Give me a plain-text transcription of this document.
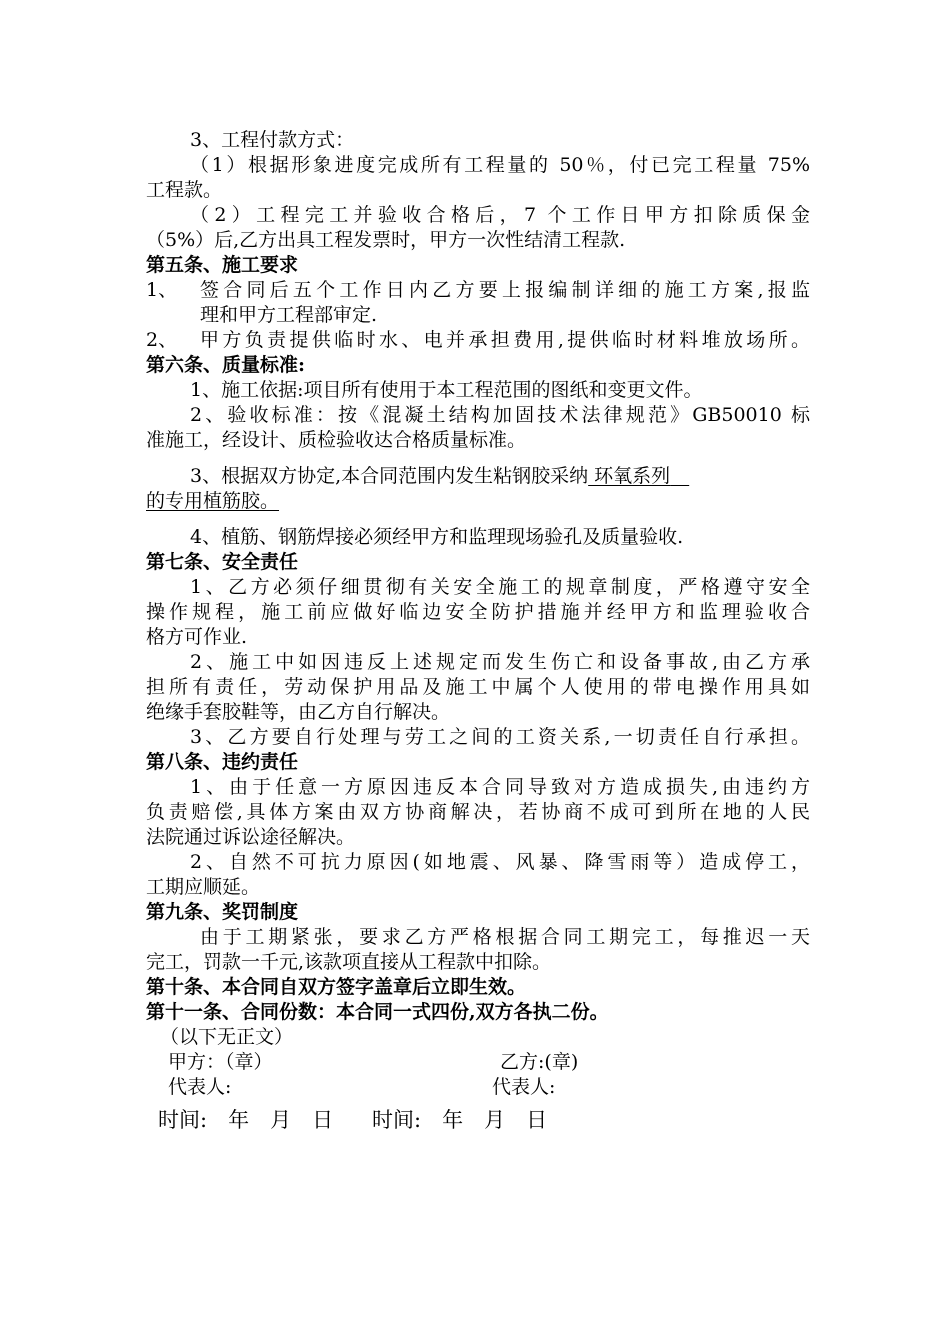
3、工程付款方式：
（1）根据形象进度完成所有工程量的 50％，付已完工程量 75%
工程款。
（2）工程完工并验收合格后，7 个工作日甲方扣除质保金
（5%）后,乙方出具工程发票时，甲方一次性结清工程款.
第五条、施工要求
1、 签合同后五个工作日内乙方要上报编制详细的施工方案,报监
理和甲方工程部审定.
2、 甲方负责提供临时水、电并承担费用,提供临时材料堆放场所。
第六条、质量标准:
1、施工依据:项目所有使用于本工程范围的图纸和变更文件。
2、验收标准：按《混凝土结构加固技术法律规范》GB50010 标
准施工，经设计、质检验收达合格质量标准。
3、根据双方协定,本合同范围内发生粘钢胶采纳 环氧系列 
的专用植筋胶。
4、植筋、钢筋焊接必须经甲方和监理现场验孔及质量验收.
第七条、安全责任
1、乙方必须仔细贯彻有关安全施工的规章制度，严格遵守安全
操作规程，施工前应做好临边安全防护措施并经甲方和监理验收合
格方可作业.
2、施工中如因违反上述规定而发生伤亡和设备事故,由乙方承
担所有责任，劳动保护用品及施工中属个人使用的带电操作用具如
绝缘手套胶鞋等，由乙方自行解决。
3、乙方要自行处理与劳工之间的工资关系,一切责任自行承担。
第八条、违约责任
1、由于任意一方原因违反本合同导致对方造成损失,由违约方
负责赔偿,具体方案由双方协商解决，若协商不成可到所在地的人民
法院通过诉讼途径解决。
2、自然不可抗力原因(如地震、风暴、降雪雨等）造成停工，
工期应顺延。
第九条、奖罚制度
由于工期紧张，要求乙方严格根据合同工期完工，每推迟一天
完工，罚款一千元,该款项直接从工程款中扣除。
第十条、本合同自双方签字盖章后立即生效。
第十一条、合同份数：本合同一式四份,双方各执二份。
（以下无正文）
甲方：（章）	乙方:(章)
代表人:	代表人:
时间:　年　月　日 时间:　年　月　日
